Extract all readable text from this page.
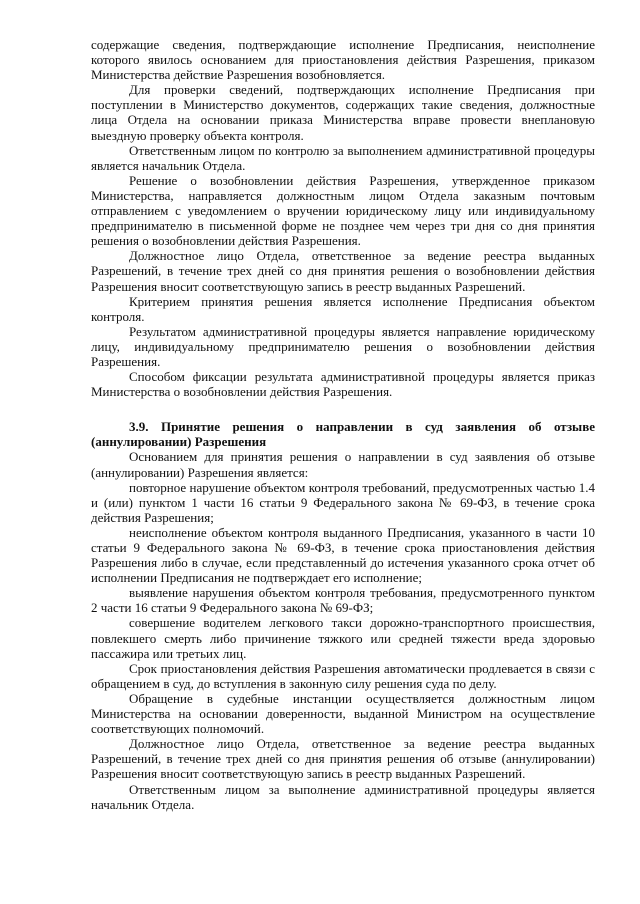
содержащие сведения, подтверждающие исполнение Предписания, неисполнение которого явилось основанием для приостановления действия Разрешения, приказом Министерства действие Разрешения возобновляется.

Для проверки сведений, подтверждающих исполнение Предписания при поступлении в Министерство документов, содержащих такие сведения, должностные лица Отдела на основании приказа Министерства вправе провести внеплановую выездную проверку объекта контроля.

Ответственным лицом по контролю за выполнением административной процедуры является начальник Отдела.

Решение о возобновлении действия Разрешения, утвержденное приказом Министерства, направляется должностным лицом Отдела заказным почтовым отправлением с уведомлением о вручении юридическому лицу или индивидуальному предпринимателю в письменной форме не позднее чем через три дня со дня принятия решения о возобновлении действия Разрешения.

Должностное лицо Отдела, ответственное за ведение реестра выданных Разрешений, в течение трех дней со дня принятия решения о возобновлении действия Разрешения вносит соответствующую запись в реестр выданных Разрешений.

Критерием принятия решения является исполнение Предписания объектом контроля.

Результатом административной процедуры является направление юридическому лицу, индивидуальному предпринимателю решения о возобновлении действия Разрешения.

Способом фиксации результата административной процедуры является приказ Министерства о возобновлении действия Разрешения.

3.9. Принятие решения о направлении в суд заявления об отзыве (аннулировании) Разрешения

Основанием для принятия решения о направлении в суд заявления об отзыве (аннулировании) Разрешения является:

повторное нарушение объектом контроля требований, предусмотренных частью 1.4 и (или) пунктом 1 части 16 статьи 9 Федерального закона № 69-ФЗ, в течение срока действия Разрешения;

неисполнение объектом контроля выданного Предписания, указанного в части 10 статьи 9 Федерального закона № 69-ФЗ, в течение срока приостановления действия Разрешения либо в случае, если представленный до истечения указанного срока отчет об исполнении Предписания не подтверждает его исполнение;

выявление нарушения объектом контроля требования, предусмотренного пунктом 2 части 16 статьи 9 Федерального закона № 69-ФЗ;

совершение водителем легкового такси дорожно-транспортного происшествия, повлекшего смерть либо причинение тяжкого или средней тяжести вреда здоровью пассажира или третьих лиц.

Срок приостановления действия Разрешения автоматически продлевается в связи с обращением в суд, до вступления в законную силу решения суда по делу.

Обращение в судебные инстанции осуществляется должностным лицом Министерства на основании доверенности, выданной Министром на осуществление соответствующих полномочий.

Должностное лицо Отдела, ответственное за ведение реестра выданных Разрешений, в течение трех дней со дня принятия решения об отзыве (аннулировании) Разрешения вносит соответствующую запись в реестр выданных Разрешений.

Ответственным лицом за выполнение административной процедуры является начальник Отдела.
